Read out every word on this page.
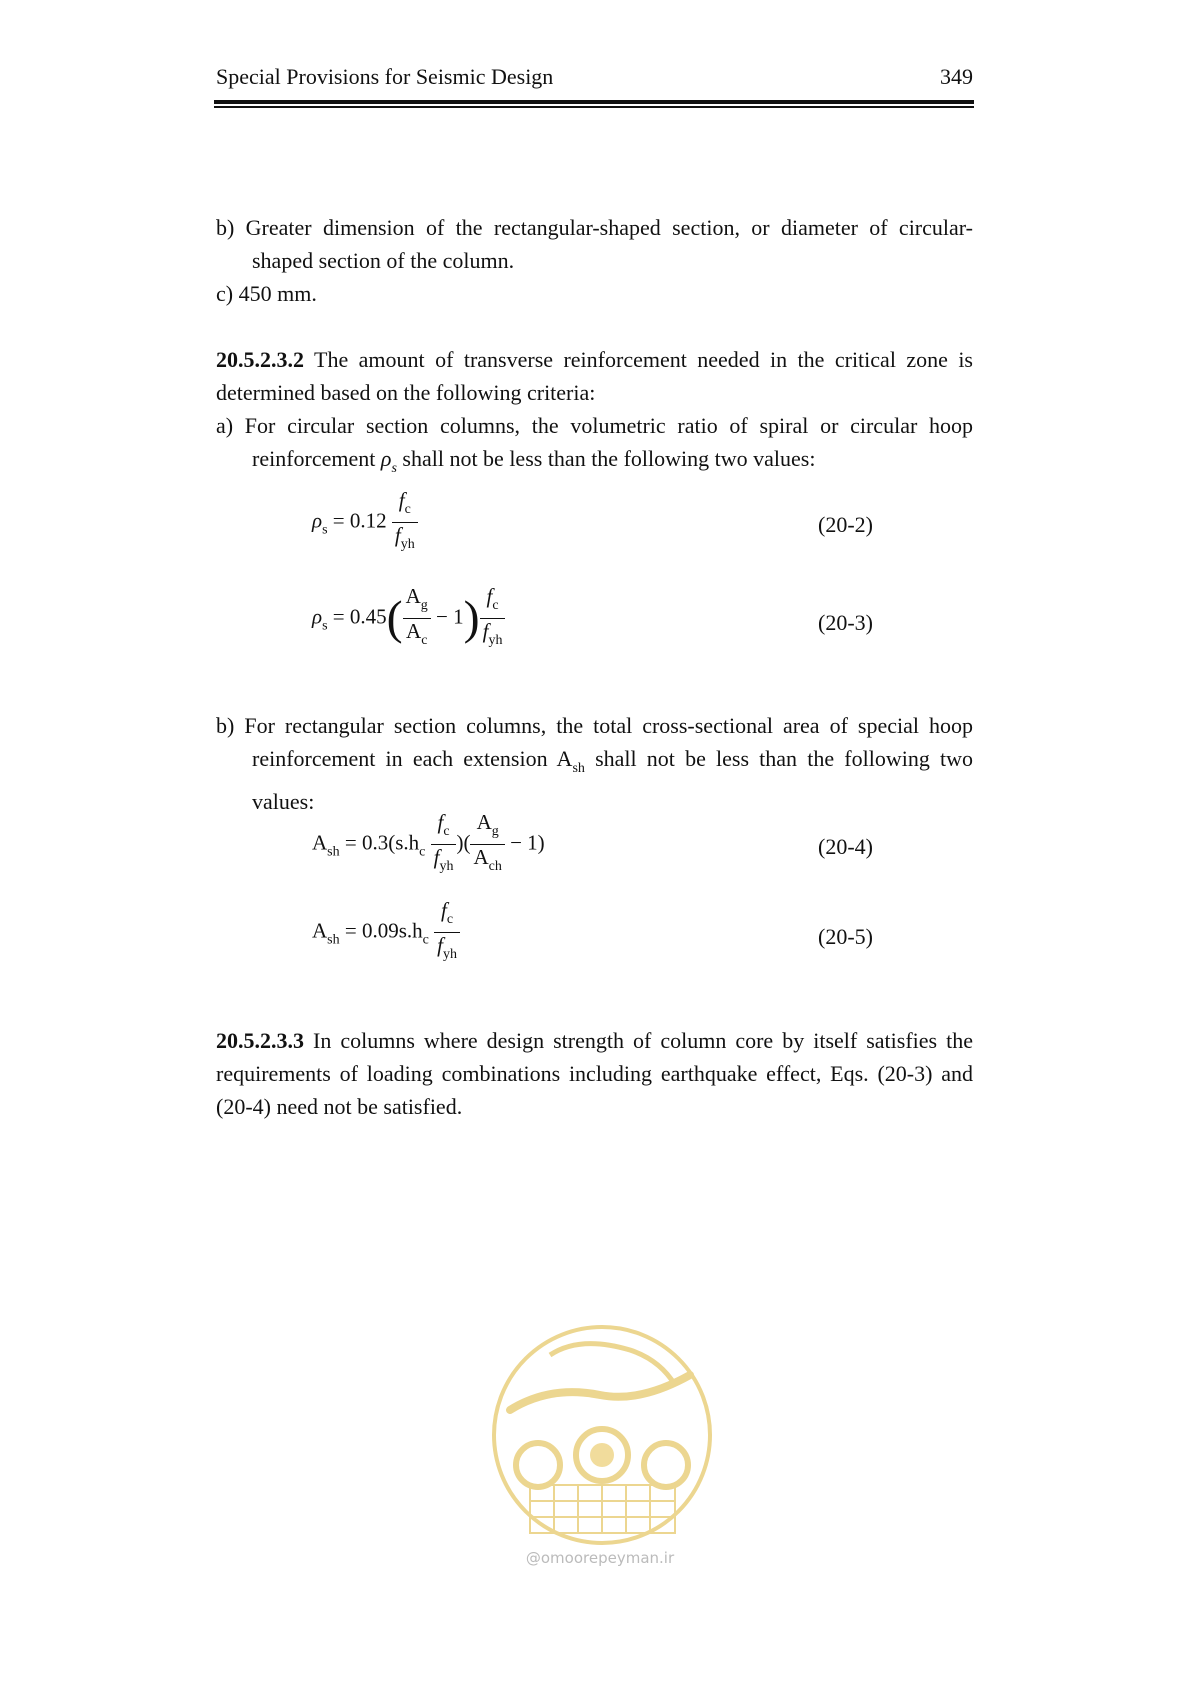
Special Provisions for Seismic Design	349

b) Greater dimension of the rectangular-shaped section, or diameter of circular-shaped section of the column.

c) 450 mm.

20.5.2.3.2 The amount of transverse reinforcement needed in the critical zone is determined based on the following criteria:

a) For circular section columns, the volumetric ratio of spiral or circular hoop reinforcement $\rho_s$ shall not be less than the following two values:

$\rho_s = 0.12 \frac{f_c}{f_{yh}}$	(20-2)
$\rho_s = 0.45( \frac{A_g}{A_c} - 1) \frac{f_c}{f_{yh}}$	(20-3)

b) For rectangular section columns, the total cross-sectional area of special hoop reinforcement in each extension $A_{sh}$ shall not be less than the following two values:

$A_{sh} = 0.3(s.h_c \frac{f_c}{f_{yh}}$ )( $\frac{A_g}{A_{ch}} - 1$)	(20-4)
$A_{sh} = 0.09s.h_c \frac{f_c}{f_{yh}}$	(20-5)

20.5.2.3.3 In columns where design strength of column core by itself satisfies the requirements of loading combinations including earthquake effect, Eqs. (20-3) and (20-4) need not be satisfied.

@omoorepeyman.ir
